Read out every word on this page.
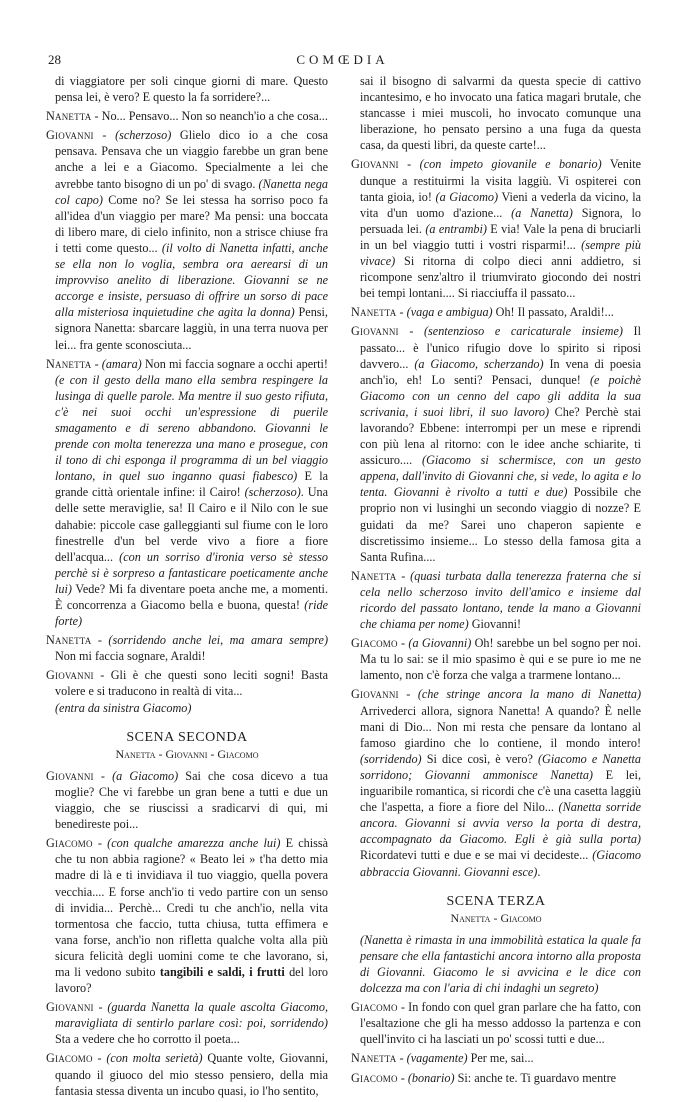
28	COMŒDIA

di viaggiatore per soli cinque giorni di mare. Questo pensa lei, è vero? E questo la fa sorridere?...

Nanetta - No... Pensavo... Non so neanch'io a che cosa...

Giovanni - (scherzoso) Glielo dico io a che cosa pensava. Pensava che un viaggio farebbe un gran bene anche a lei e a Giacomo. Specialmente a lei che avrebbe tanto bisogno di un po' di svago. (Nanetta nega col capo) Come no? Se lei stessa ha sorriso poco fa all'idea d'un viaggio per mare? Ma pensi: una boccata di libero mare, di cielo infinito, non a strisce chiuse fra i tetti come questo... (il volto di Nanetta infatti, anche se ella non lo voglia, sembra ora aerearsi di un improvviso anelito di liberazione. Giovanni se ne accorge e insiste, persuaso di offrire un sorso di pace alla misteriosa inquietudine che agita la donna) Pensi, signora Nanetta: sbarcare laggiù, in una terra nuova per lei... fra gente sconosciuta...

Nanetta - (amara) Non mi faccia sognare a occhi aperti! (e con il gesto della mano ella sembra respingere la lusinga di quelle parole. Ma mentre il suo gesto rifiuta, c'è nei suoi occhi un'espressione di puerile smagamento e di sereno abbandono. Giovanni le prende con molta tenerezza una mano e prosegue, con il tono di chi esponga il programma di un bel viaggio lontano, in quel suo inganno quasi fiabesco) E la grande città orientale infine: il Cairo! (scherzoso). Una delle sette meraviglie, sa! Il Cairo e il Nilo con le sue dahabie: piccole case galleggianti sul fiume con le loro finestrelle d'un bel verde vivo a fiore a fiore dell'acqua... (con un sorriso d'ironia verso sè stesso perchè si è sorpreso a fantasticare poeticamente anche lui) Vede? Mi fa diventare poeta anche me, a momenti. È concorrenza a Giacomo bella e buona, questa! (ride forte)

Nanetta - (sorridendo anche lei, ma amara sempre) Non mi faccia sognare, Araldi!

Giovanni - Gli è che questi sono leciti sogni! Basta volere e si traducono in realtà di vita...

(entra da sinistra Giacomo)

SCENA SECONDA
Nanetta - Giovanni - Giacomo

Giovanni - (a Giacomo) Sai che cosa dicevo a tua moglie? Che vi farebbe un gran bene a tutti e due un viaggio, che se riuscissi a sradicarvi di qui, mi benedireste poi...

Giacomo - (con qualche amarezza anche lui) E chissà che tu non abbia ragione? « Beato lei » t'ha detto mia madre di là e ti invidiava il tuo viaggio, quella povera vecchia.... E forse anch'io ti vedo partire con un senso di invidia... Perchè... Credi tu che anch'io, nella vita tormentosa che faccio, tutta chiusa, tutta effimera e vana forse, anch'io non rifletta qualche volta alla più sicura felicità degli uomini come te che lavorano, si, ma li vedono subito tangibili e saldi, i frutti del loro lavoro?

Giovanni - (guarda Nanetta la quale ascolta Giacomo, maravigliata di sentirlo parlare così: poi, sorridendo) Sta a vedere che ho corrotto il poeta...

Giacomo - (con molta serietà) Quante volte, Giovanni, quando il giuoco del mio stesso pensiero, della mia fantasia stessa diventa un incubo quasi, io l'ho sentito,

sai il bisogno di salvarmi da questa specie di cattivo incantesimo, e ho invocato una fatica magari brutale, che stancasse i miei muscoli, ho invocato comunque una liberazione, ho pensato persino a una fuga da questa casa, da questi libri, da queste carte!...

Giovanni - (con impeto giovanile e bonario) Venite dunque a restituirmi la visita laggiù. Vi ospiterei con tanta gioia, io! (a Giacomo) Vieni a vederla da vicino, la vita d'un uomo d'azione... (a Nanetta) Signora, lo persuada lei. (a entrambi) E via! Vale la pena di bruciarli in un bel viaggio tutti i vostri risparmi!... (sempre più vivace) Si ritorna di colpo dieci anni addietro, si ricompone senz'altro il triumvirato giocondo dei nostri bei tempi lontani.... Si riacciuffa il passato...

Nanetta - (vaga e ambigua) Oh! Il passato, Araldi!...

Giovanni - (sentenzioso e caricaturale insieme) Il passato... è l'unico rifugio dove lo spirito si riposi davvero... (a Giacomo, scherzando) In vena di poesia anch'io, eh! Lo senti? Pensaci, dunque! (e poichè Giacomo con un cenno del capo gli addita la sua scrivania, i suoi libri, il suo lavoro) Che? Perchè stai lavorando? Ebbene: interrompi per un mese e riprendi con più lena al ritorno: con le idee anche schiarite, ti assicuro.... (Giacomo si schermisce, con un gesto appena, dall'invito di Giovanni che, si vede, lo agita e lo tenta. Giovanni è rivolto a tutti e due) Possibile che proprio non vi lusinghi un secondo viaggio di nozze? E guidati da me? Sarei uno chaperon sapiente e discretissimo insieme... Lo stesso della famosa gita a Santa Rufina....

Nanetta - (quasi turbata dalla tenerezza fraterna che si cela nello scherzoso invito dell'amico e insieme dal ricordo del passato lontano, tende la mano a Giovanni che chiama per nome) Giovanni!

Giacomo - (a Giovanni) Oh! sarebbe un bel sogno per noi. Ma tu lo sai: se il mio spasimo è qui e se pure io me ne lamento, non c'è forza che valga a trarmene lontano...

Giovanni - (che stringe ancora la mano di Nanetta) Arrivederci allora, signora Nanetta! A quando? È nelle mani di Dio... Non mi resta che pensare da lontano al famoso giardino che lo contiene, il mondo intero! (sorridendo) Si dice così, è vero? (Giacomo e Nanetta sorridono; Giovanni ammonisce Nanetta) E lei, inguaribile romantica, si ricordi che c'è una casetta laggiù che l'aspetta, a fiore a fiore del Nilo... (Nanetta sorride ancora. Giovanni si avvia verso la porta di destra, accompagnato da Giacomo. Egli è già sulla porta) Ricordatevi tutti e due e se mai vi decideste... (Giacomo abbraccia Giovanni. Giovanni esce).

SCENA TERZA
Nanetta - Giacomo

(Nanetta è rimasta in una immobilità estatica la quale fa pensare che ella fantastichi ancora intorno alla proposta di Giovanni. Giacomo le si avvicina e le dice con dolcezza ma con l'aria di chi indaghi un segreto)

Giacomo - In fondo con quel gran parlare che ha fatto, con l'esaltazione che gli ha messo addosso la partenza e con quell'invito ci ha lasciati un po' scossi tutti e due...

Nanetta - (vagamente) Per me, sai...

Giacomo - (bonario) Si: anche te. Ti guardavo mentre
